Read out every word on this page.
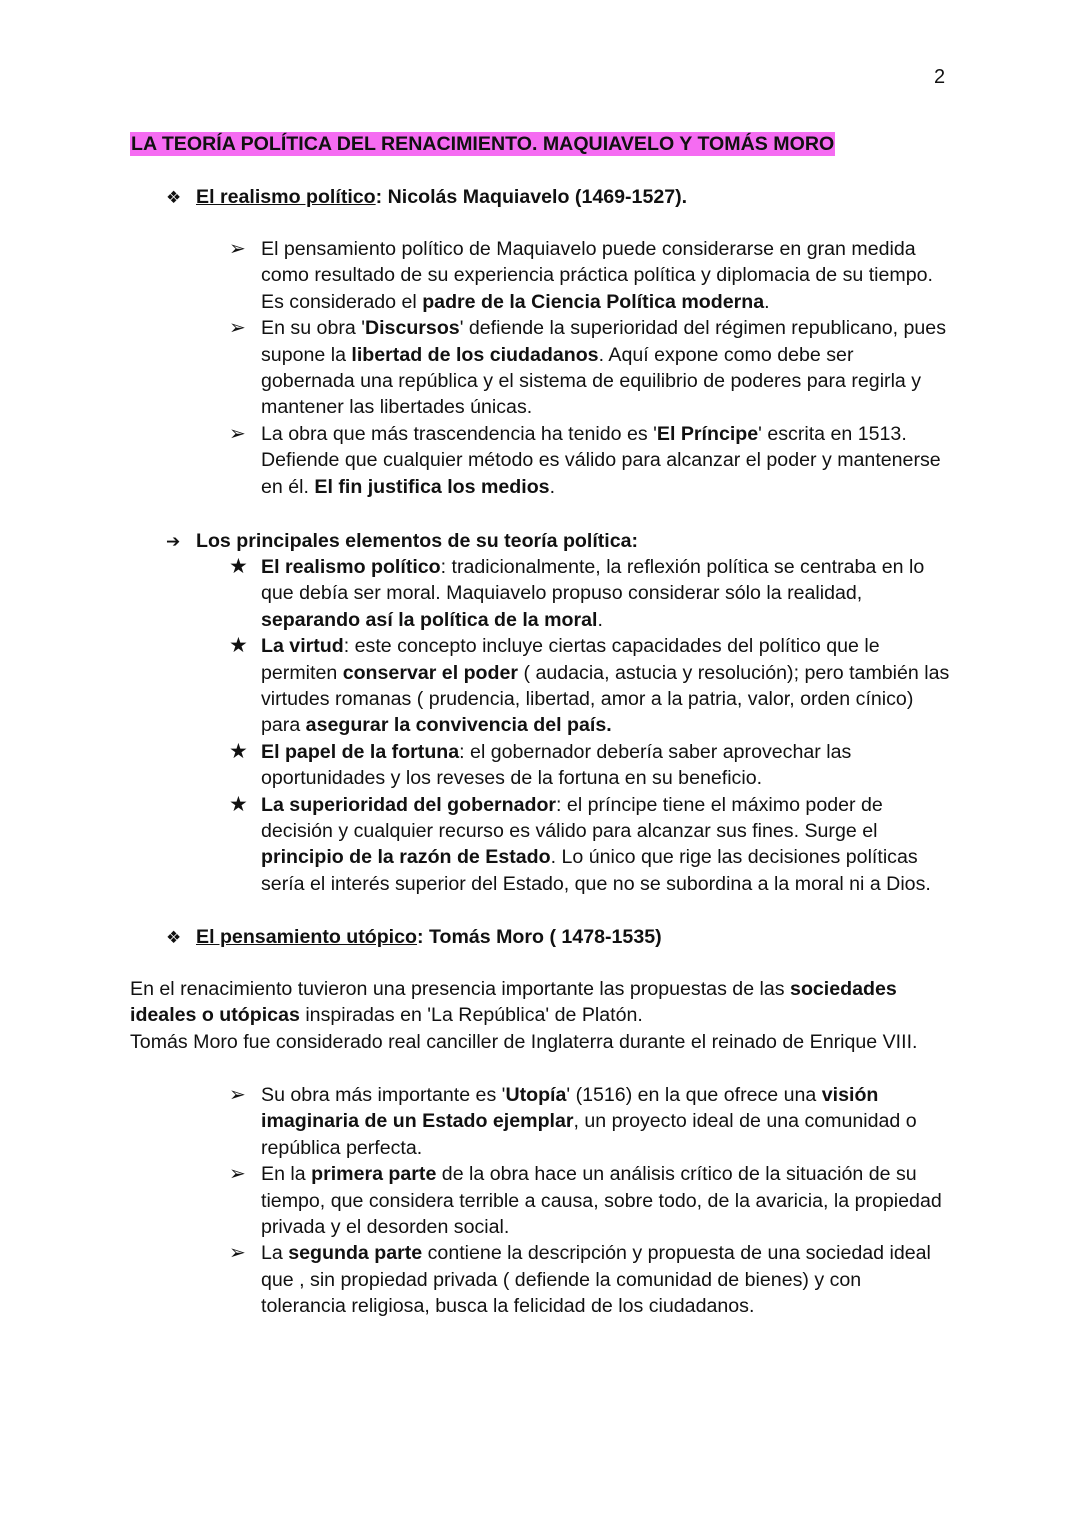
2
LA TEORÍA POLÍTICA DEL RENACIMIENTO. MAQUIAVELO Y TOMÁS MORO
❖ El realismo político: Nicolás Maquiavelo (1469-1527).
➢ El pensamiento político de Maquiavelo puede considerarse en gran medida como resultado de su experiencia práctica política y diplomacia de su tiempo. Es considerado el padre de la Ciencia Política moderna.
➢ En su obra 'Discursos' defiende la superioridad del régimen republicano, pues supone la libertad de los ciudadanos. Aquí expone como debe ser gobernada una república y el sistema de equilibrio de poderes para regirla y mantener las libertades únicas.
➢ La obra que más trascendencia ha tenido es 'El Príncipe' escrita en 1513. Defiende que cualquier método es válido para alcanzar el poder y mantenerse en él. El fin justifica los medios.
➔ Los principales elementos de su teoría política:
★ El realismo político: tradicionalmente, la reflexión política se centraba en lo que debía ser moral. Maquiavelo propuso considerar sólo la realidad, separando así la política de la moral.
★ La virtud: este concepto incluye ciertas capacidades del político que le permiten conservar el poder ( audacia, astucia y resolución); pero también las virtudes romanas ( prudencia, libertad, amor a la patria, valor, orden cínico) para asegurar la convivencia del país.
★ El papel de la fortuna: el gobernador debería saber aprovechar las oportunidades y los reveses de la fortuna en su beneficio.
★ La superioridad del gobernador: el príncipe tiene el máximo poder de decisión y cualquier recurso es válido para alcanzar sus fines. Surge el principio de la razón de Estado. Lo único que rige las decisiones políticas sería el interés superior del Estado, que no se subordina a la moral ni a Dios.
❖ El pensamiento utópico: Tomás Moro ( 1478-1535)

En el renacimiento tuvieron una presencia importante las propuestas de las sociedades ideales o utópicas inspiradas en 'La República' de Platón.

Tomás Moro fue considerado real canciller de Inglaterra durante el reinado de Enrique VIII.

➢ Su obra más importante es 'Utopía' (1516) en la que ofrece una visión imaginaria de un Estado ejemplar, un proyecto ideal de una comunidad o república perfecta.
➢ En la primera parte de la obra hace un análisis crítico de la situación de su tiempo, que considera terrible a causa, sobre todo, de la avaricia, la propiedad privada y el desorden social.
➢ La segunda parte contiene la descripción y propuesta de una sociedad ideal que , sin propiedad privada ( defiende la comunidad de bienes) y con tolerancia religiosa, busca la felicidad de los ciudadanos.
